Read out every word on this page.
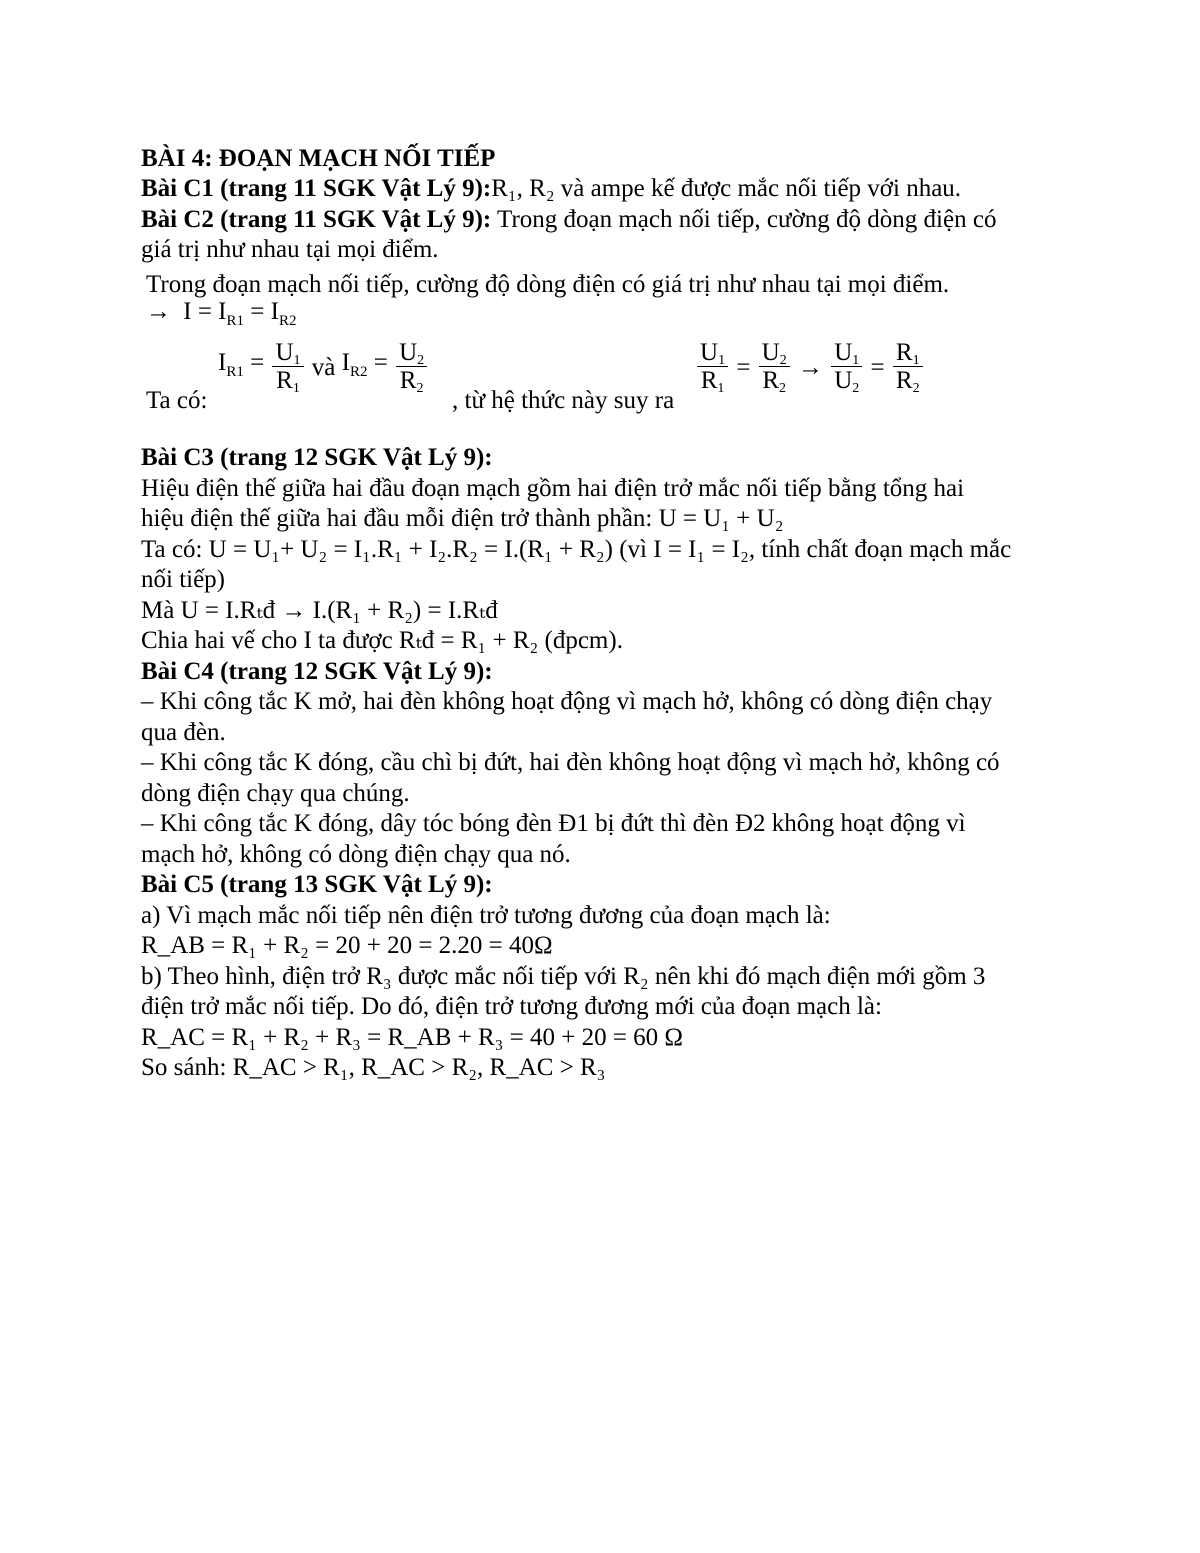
BÀI 4: ĐOẠN MẠCH NỐI TIẾP
Bài C1 (trang 11 SGK Vật Lý 9):R₁, R₂ và ampe kế được mắc nối tiếp với nhau.
Bài C2 (trang 11 SGK Vật Lý 9): Trong đoạn mạch nối tiếp, cường độ dòng điện có
giá trị như nhau tại mọi điểm.
Trong đoạn mạch nối tiếp, cường độ dòng điện có giá trị như nhau tại mọi điểm.
→ $I = I_{R1} = I_{R2}$
Ta có:
$I_{R1} = \frac{U_1}{R_1}$ và $I_{R2} = \frac{U_2}{R_2}$
, từ hệ thức này suy ra
$\frac{U_1}{R_1} = \frac{U_2}{R_2} \to \frac{U_1}{U_2} = \frac{R_1}{R_2}$
Bài C3 (trang 12 SGK Vật Lý 9):
Hiệu điện thế giữa hai đầu đoạn mạch gồm hai điện trở mắc nối tiếp bằng tổng hai
hiệu điện thế giữa hai đầu mỗi điện trở thành phần: U = U₁ + U₂
Ta có: U = U₁+ U₂ = I₁.R₁ + I₂.R₂ = I.(R₁ + R₂) (vì I = I₁ = I₂, tính chất đoạn mạch mắc
nối tiếp)
Mà U = I.Rₜđ → I.(R₁ + R₂) = I.Rₜđ
Chia hai vế cho I ta được Rₜđ = R₁ + R₂ (đpcm).
Bài C4 (trang 12 SGK Vật Lý 9):
– Khi công tắc K mở, hai đèn không hoạt động vì mạch hở, không có dòng điện chạy
qua đèn.
– Khi công tắc K đóng, cầu chì bị đứt, hai đèn không hoạt động vì mạch hở, không có
dòng điện chạy qua chúng.
– Khi công tắc K đóng, dây tóc bóng đèn Đ1 bị đứt thì đèn Đ2 không hoạt động vì
mạch hở, không có dòng điện chạy qua nó.
Bài C5 (trang 13 SGK Vật Lý 9):
a) Vì mạch mắc nối tiếp nên điện trở tương đương của đoạn mạch là:
R_AB = R₁ + R₂ = 20 + 20 = 2.20 = 40Ω
b) Theo hình, điện trở R₃ được mắc nối tiếp với R₂ nên khi đó mạch điện mới gồm 3
điện trở mắc nối tiếp. Do đó, điện trở tương đương mới của đoạn mạch là:
R_AC = R₁ + R₂ + R₃ = R_AB + R₃ = 40 + 20 = 60 Ω
So sánh: R_AC > R₁, R_AC > R₂, R_AC > R₃
